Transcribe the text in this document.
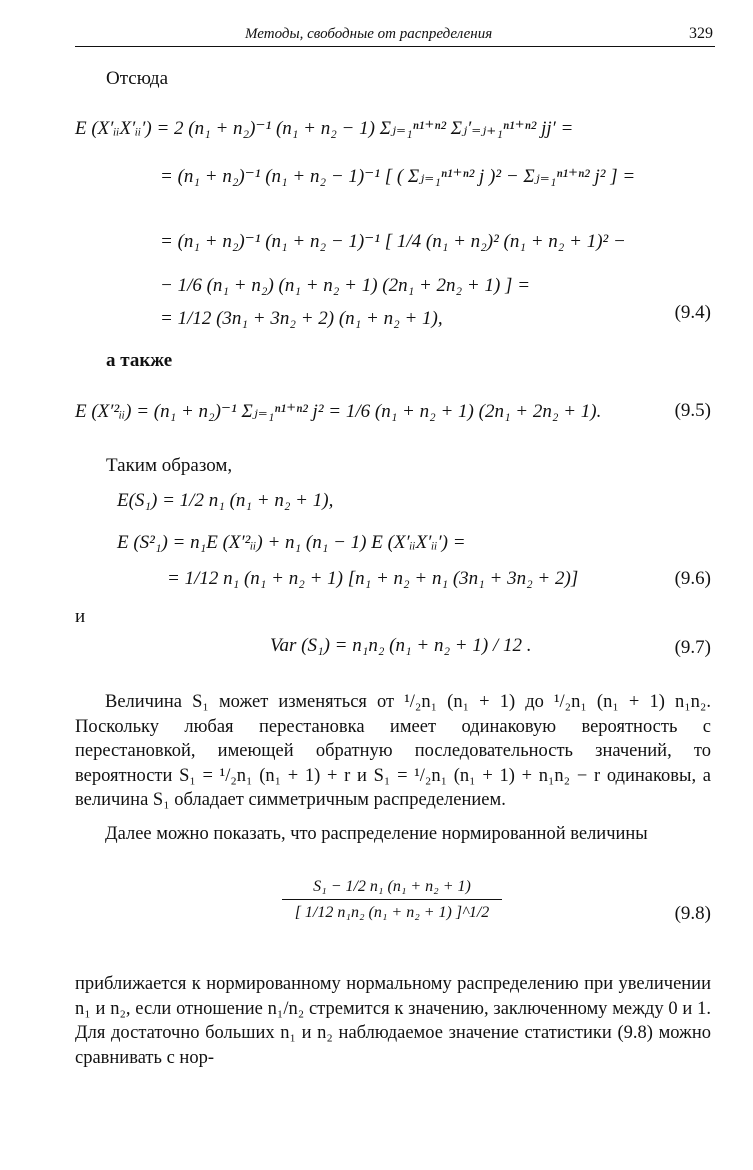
Методы, свободные от распределения	329
Отсюда
E (X′ᵢᵢX′ᵢᵢ′) = 2 (n₁ + n₂)⁻¹ (n₁ + n₂ − 1) Σⱼ₌₁ⁿ¹⁺ⁿ² Σⱼ′₌ⱼ₊₁ⁿ¹⁺ⁿ² jj′ =
= (n₁ + n₂)⁻¹ (n₁ + n₂ − 1)⁻¹ [ ( Σⱼ₌₁ⁿ¹⁺ⁿ² j )² − Σⱼ₌₁ⁿ¹⁺ⁿ² j² ] =
= (n₁ + n₂)⁻¹ (n₁ + n₂ − 1)⁻¹ [ 1/4 (n₁ + n₂)² (n₁ + n₂ + 1)² −
− 1/6 (n₁ + n₂) (n₁ + n₂ + 1) (2n₁ + 2n₂ + 1) ] =
= 1/12 (3n₁ + 3n₂ + 2) (n₁ + n₂ + 1),	(9.4)
а также
E (X′²ᵢᵢ) = (n₁ + n₂)⁻¹ Σⱼ₌₁ⁿ¹⁺ⁿ² j² = 1/6 (n₁ + n₂ + 1) (2n₁ + 2n₂ + 1).	(9.5)
Таким образом,
E(S₁) = 1/2 n₁ (n₁ + n₂ + 1),
E (S²₁) = n₁E (X′²ᵢᵢ) + n₁ (n₁ − 1) E (X′ᵢᵢX′ᵢᵢ′) =
= 1/12 n₁ (n₁ + n₂ + 1) [n₁ + n₂ + n₁ (3n₁ + 3n₂ + 2)]	(9.6)
и
Var (S₁) = n₁n₂ (n₁ + n₂ + 1) / 12 .	(9.7)
Величина S₁ может изменяться от ¹/₂n₁ (n₁ + 1) до ¹/₂n₁ (n₁ + 1) n₁n₂. Поскольку любая перестановка имеет одинаковую вероятность с перестановкой, имеющей обратную последовательность значений, то вероятности S₁ = ¹/₂n₁ (n₁ + 1) + r и S₁ = ¹/₂n₁ (n₁ + 1) + n₁n₂ − r одинаковы, а величина S₁ обладает симметричным распределением.
Далее можно показать, что распределение нормированной величины
$\frac{\text{S₁ − 1/2 n₁ (n₁ + n₂ + 1)}}{\text{[ 1/12 n₁n₂ (n₁ + n₂ + 1) ]\textasciicircum{}1/2}}$	(9.8)
приближается к нормированному нормальному распределению при увеличении n₁ и n₂, если отношение n₁/n₂ стремится к значению, заключенному между 0 и 1. Для достаточно больших n₁ и n₂ наблюдаемое значение статистики (9.8) можно сравнивать с нор-
